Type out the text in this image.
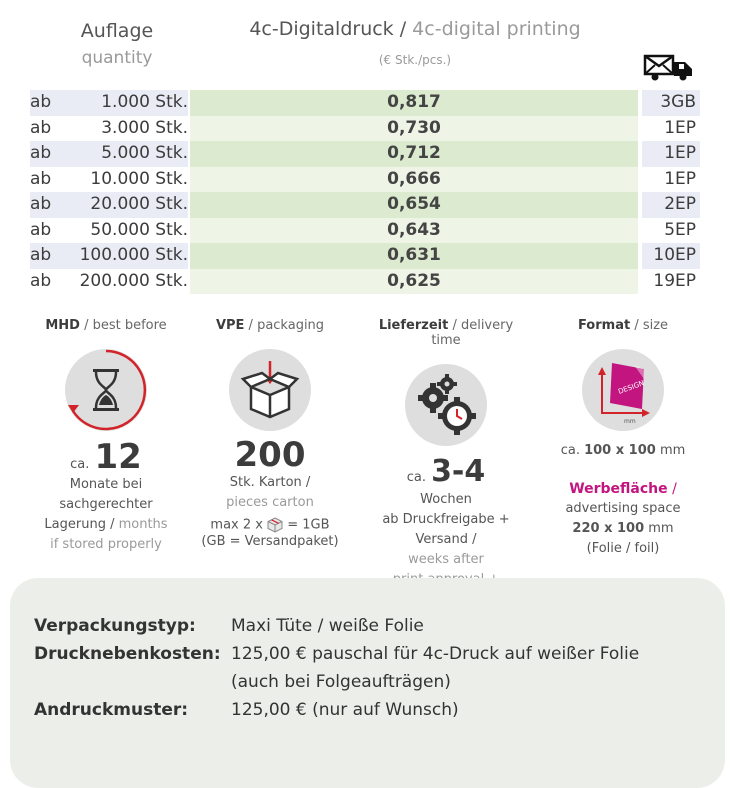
Auflage
quantity
4c-Digitaldruck / 4c-digital printing
(€ Stk./pcs.)
ab	1.000 Stk.	0,817	3GB
ab	3.000 Stk.	0,730	1EP
ab	5.000 Stk.	0,712	1EP
ab	10.000 Stk.	0,666	1EP
ab	20.000 Stk.	0,654	2EP
ab	50.000 Stk.	0,643	5EP
ab	100.000 Stk.	0,631	10EP
ab	200.000 Stk.	0,625	19EP
MHD / best before
ca. 12
Monate bei
sachgerechter
Lagerung / months
if stored properly
VPE / packaging
200
Stk. Karton /
pieces carton
max 2 x = 1GB
(GB = Versandpaket)
Lieferzeit / delivery time
ca. 3-4
Wochen
ab Druckfreigabe + Versand /
weeks after
Format / size
DESIGN
mm
ca. 100 x 100 mm
Werbefläche /
advertising space
220 x 100 mm
(Folie / foil)
Verpackungstyp:	Maxi Tüte / weiße Folie
Drucknebenkosten: 125,00 € pauschal für 4c-Druck auf weißer Folie
(auch bei Folgeaufträgen)
Andruckmuster:	125,00 € (nur auf Wunsch)
